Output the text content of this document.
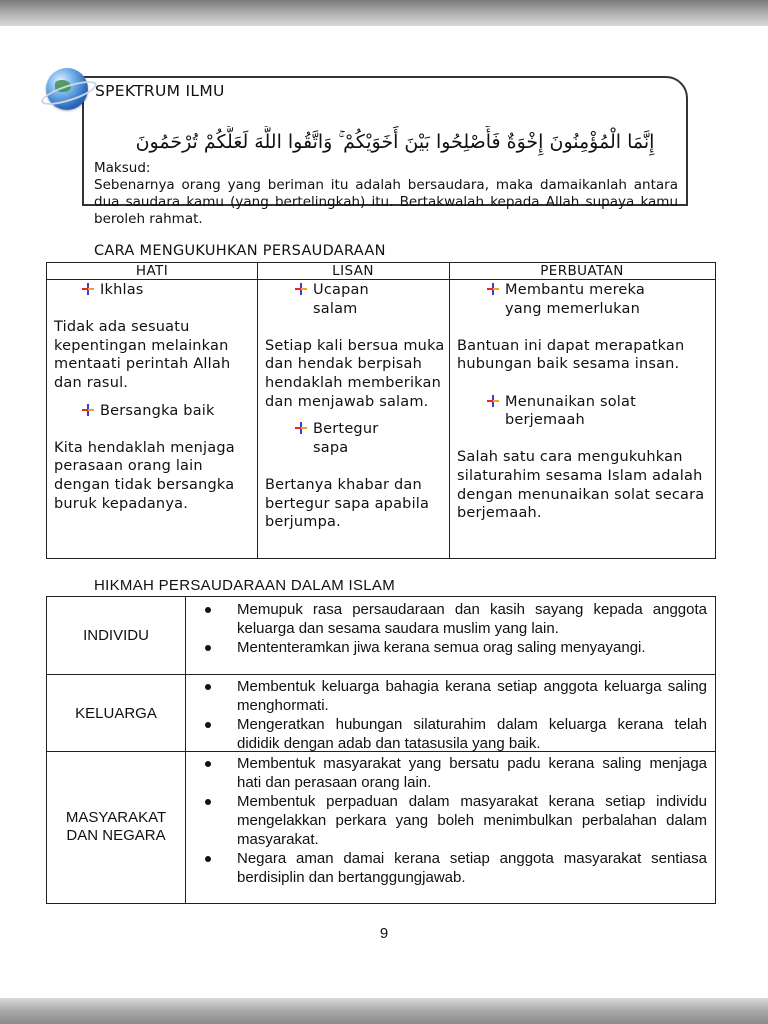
SPEKTRUM ILMU
إِنَّمَا الْمُؤْمِنُونَ إِخْوَةٌ فَأَصْلِحُوا بَيْنَ أَخَوَيْكُمْ ۚ وَاتَّقُوا اللَّهَ لَعَلَّكُمْ تُرْحَمُونَ
Maksud:
Sebenarnya orang yang beriman itu adalah bersaudara, maka damaikanlah antara dua saudara kamu (yang bertelingkah) itu. Bertakwalah kepada Allah supaya kamu beroleh rahmat.
CARA MENGUKUHKAN PERSAUDARAAN
HATI	LISAN	PERBUATAN

Ikhlas

Tidak ada sesuatu kepentingan melainkan mentaati perintah Allah dan rasul.

Bersangka baik

Kita hendaklah menjaga perasaan orang lain dengan tidak bersangka buruk kepadanya.

Ucapan

salam

Setiap kali bersua muka dan hendak berpisah hendaklah memberikan dan menjawab salam.

Bertegur

sapa

Bertanya khabar dan bertegur sapa apabila berjumpa.

Membantu mereka

yang memerlukan

Bantuan ini dapat merapatkan hubungan baik sesama insan.

Menunaikan solat

berjemaah

Salah satu cara mengukuhkan silaturahim sesama Islam adalah dengan menunaikan solat secara berjemaah.

HIKMAH PERSAUDARAAN DALAM ISLAM
INDIVIDU
Memupuk rasa persaudaraan dan kasih sayang kepada anggota keluarga dan sesama saudara muslim yang lain.
Mententeramkan jiwa kerana semua orag saling menyayangi.
KELUARGA
Membentuk keluarga bahagia kerana setiap anggota keluarga saling menghormati.
Mengeratkan hubungan silaturahim dalam keluarga kerana telah dididik dengan adab dan tatasusila yang baik.
MASYARAKAT
DAN NEGARA
Membentuk masyarakat yang bersatu padu kerana saling menjaga hati dan perasaan orang lain.
Membentuk perpaduan dalam masyarakat kerana setiap individu mengelakkan perkara yang boleh menimbulkan perbalahan dalam masyarakat.
Negara aman damai kerana setiap anggota masyarakat sentiasa berdisiplin dan bertanggungjawab.
9
